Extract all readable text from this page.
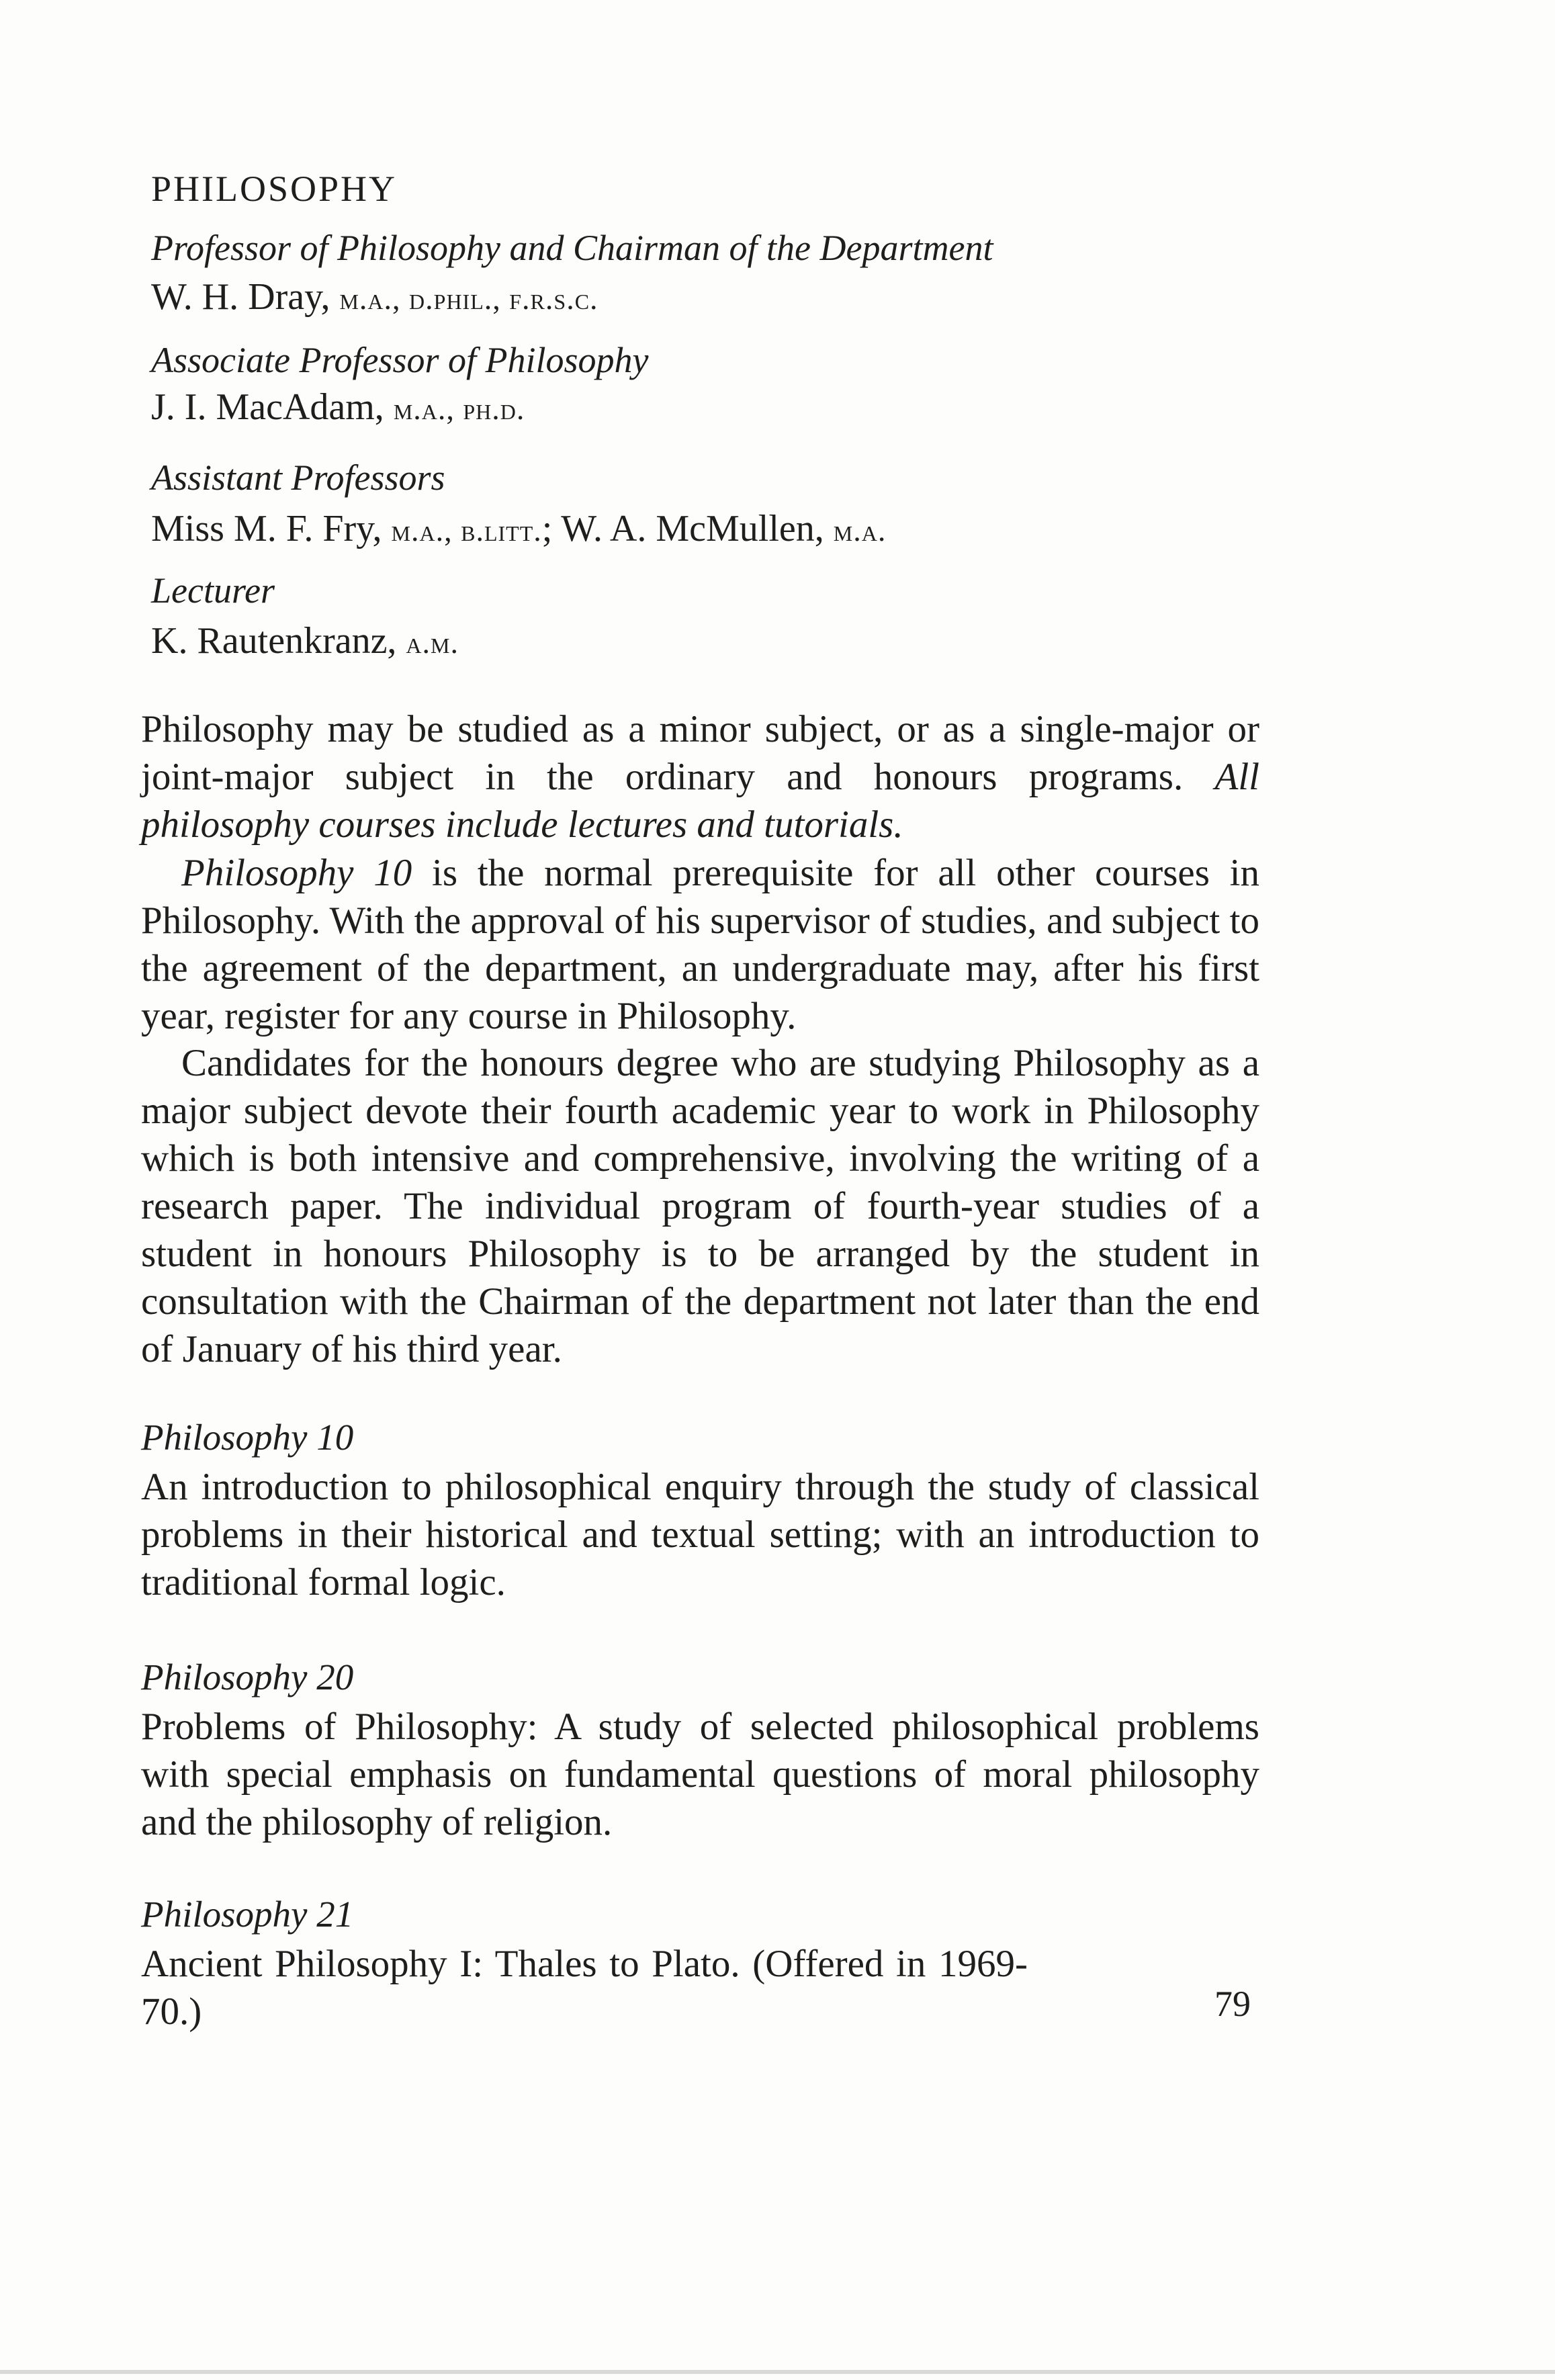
PHILOSOPHY
Professor of Philosophy and Chairman of the Department
W. H. Dray, m.a., d.phil., f.r.s.c.
Associate Professor of Philosophy
J. I. MacAdam, m.a., ph.d.
Assistant Professors
Miss M. F. Fry, m.a., b.litt.; W. A. McMullen, m.a.
Lecturer
K. Rautenkranz, a.m.
Philosophy may be studied as a minor subject, or as a single-major or joint-major subject in the ordinary and honours programs. All philosophy courses include lectures and tutorials.
Philosophy 10 is the normal prerequisite for all other courses in Philosophy. With the approval of his supervisor of studies, and subject to the agreement of the department, an undergraduate may, after his first year, register for any course in Philosophy.
Candidates for the honours degree who are studying Philosophy as a major subject devote their fourth academic year to work in Philosophy which is both intensive and comprehensive, involving the writing of a research paper. The individual program of fourth-year studies of a student in honours Philosophy is to be arranged by the student in consultation with the Chairman of the department not later than the end of January of his third year.
Philosophy 10
An introduction to philosophical enquiry through the study of classical problems in their historical and textual setting; with an introduction to traditional formal logic.
Philosophy 20
Problems of Philosophy: A study of selected philosophical problems with special emphasis on fundamental questions of moral philosophy and the philosophy of religion.
Philosophy 21
Ancient Philosophy I: Thales to Plato. (Offered in 1969-70.)	79
